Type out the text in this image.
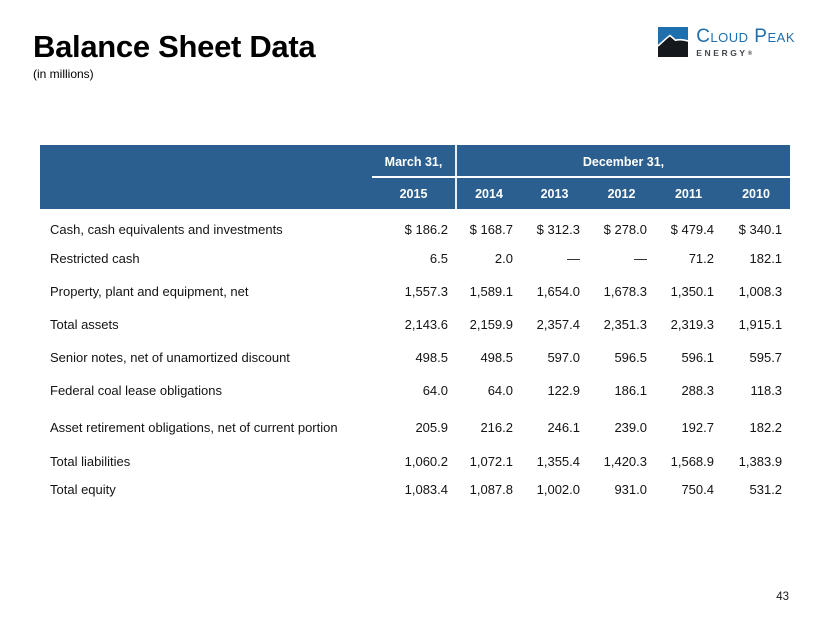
Balance Sheet Data
(in millions)
Cloud Peak
ENERGY®
	March 31,	December 31,				
	2015	2014	2013	2012	2011	2010
Cash, cash equivalents and investments	$ 186.2	$ 168.7	$ 312.3	$ 278.0	$ 479.4	$ 340.1
Restricted cash	6.5	2.0	—	—	71.2	182.1
Property, plant and equipment, net	1,557.3	1,589.1	1,654.0	1,678.3	1,350.1	1,008.3
Total assets	2,143.6	2,159.9	2,357.4	2,351.3	2,319.3	1,915.1
Senior notes, net of unamortized discount	498.5	498.5	597.0	596.5	596.1	595.7
Federal coal lease obligations	64.0	64.0	122.9	186.1	288.3	118.3
Asset retirement obligations, net of current portion	205.9	216.2	246.1	239.0	192.7	182.2
Total liabilities	1,060.2	1,072.1	1,355.4	1,420.3	1,568.9	1,383.9
Total equity	1,083.4	1,087.8	1,002.0	931.0	750.4	531.2
43
